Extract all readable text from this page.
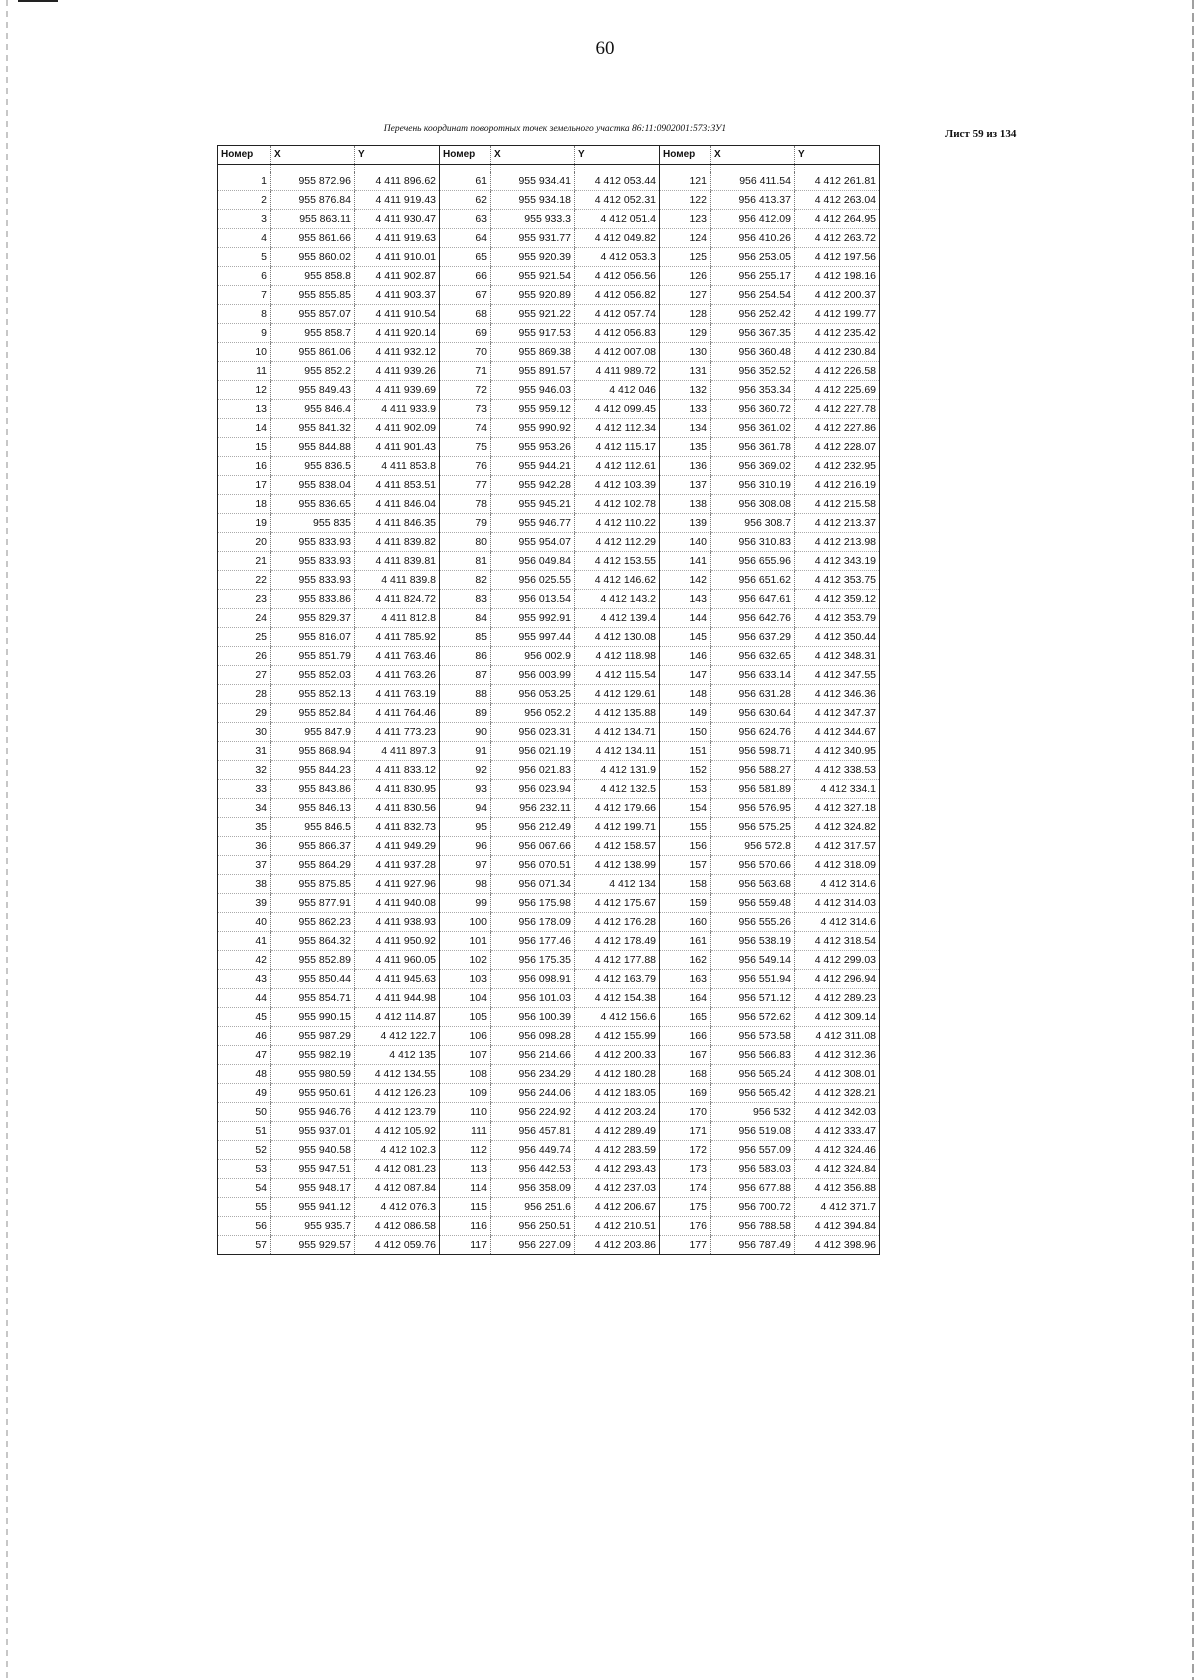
60
Перечень координат поворотных точек земельного участка 86:11:0902001:573:ЗУ1	Лист 59 из 134
Номер	X	Y	Номер	X	Y	Номер	X	Y

1	955 872.96	4 411 896.62	61	955 934.41	4 412 053.44	121	956 411.54	4 412 261.81
2	955 876.84	4 411 919.43	62	955 934.18	4 412 052.31	122	956 413.37	4 412 263.04
3	955 863.11	4 411 930.47	63	955 933.3	4 412 051.4	123	956 412.09	4 412 264.95
4	955 861.66	4 411 919.63	64	955 931.77	4 412 049.82	124	956 410.26	4 412 263.72
5	955 860.02	4 411 910.01	65	955 920.39	4 412 053.3	125	956 253.05	4 412 197.56
6	955 858.8	4 411 902.87	66	955 921.54	4 412 056.56	126	956 255.17	4 412 198.16
7	955 855.85	4 411 903.37	67	955 920.89	4 412 056.82	127	956 254.54	4 412 200.37
8	955 857.07	4 411 910.54	68	955 921.22	4 412 057.74	128	956 252.42	4 412 199.77
9	955 858.7	4 411 920.14	69	955 917.53	4 412 056.83	129	956 367.35	4 412 235.42
10	955 861.06	4 411 932.12	70	955 869.38	4 412 007.08	130	956 360.48	4 412 230.84
11	955 852.2	4 411 939.26	71	955 891.57	4 411 989.72	131	956 352.52	4 412 226.58
12	955 849.43	4 411 939.69	72	955 946.03	4 412 046	132	956 353.34	4 412 225.69
13	955 846.4	4 411 933.9	73	955 959.12	4 412 099.45	133	956 360.72	4 412 227.78
14	955 841.32	4 411 902.09	74	955 990.92	4 412 112.34	134	956 361.02	4 412 227.86
15	955 844.88	4 411 901.43	75	955 953.26	4 412 115.17	135	956 361.78	4 412 228.07
16	955 836.5	4 411 853.8	76	955 944.21	4 412 112.61	136	956 369.02	4 412 232.95
17	955 838.04	4 411 853.51	77	955 942.28	4 412 103.39	137	956 310.19	4 412 216.19
18	955 836.65	4 411 846.04	78	955 945.21	4 412 102.78	138	956 308.08	4 412 215.58
19	955 835	4 411 846.35	79	955 946.77	4 412 110.22	139	956 308.7	4 412 213.37
20	955 833.93	4 411 839.82	80	955 954.07	4 412 112.29	140	956 310.83	4 412 213.98
21	955 833.93	4 411 839.81	81	956 049.84	4 412 153.55	141	956 655.96	4 412 343.19
22	955 833.93	4 411 839.8	82	956 025.55	4 412 146.62	142	956 651.62	4 412 353.75
23	955 833.86	4 411 824.72	83	956 013.54	4 412 143.2	143	956 647.61	4 412 359.12
24	955 829.37	4 411 812.8	84	955 992.91	4 412 139.4	144	956 642.76	4 412 353.79
25	955 816.07	4 411 785.92	85	955 997.44	4 412 130.08	145	956 637.29	4 412 350.44
26	955 851.79	4 411 763.46	86	956 002.9	4 412 118.98	146	956 632.65	4 412 348.31
27	955 852.03	4 411 763.26	87	956 003.99	4 412 115.54	147	956 633.14	4 412 347.55
28	955 852.13	4 411 763.19	88	956 053.25	4 412 129.61	148	956 631.28	4 412 346.36
29	955 852.84	4 411 764.46	89	956 052.2	4 412 135.88	149	956 630.64	4 412 347.37
30	955 847.9	4 411 773.23	90	956 023.31	4 412 134.71	150	956 624.76	4 412 344.67
31	955 868.94	4 411 897.3	91	956 021.19	4 412 134.11	151	956 598.71	4 412 340.95
32	955 844.23	4 411 833.12	92	956 021.83	4 412 131.9	152	956 588.27	4 412 338.53
33	955 843.86	4 411 830.95	93	956 023.94	4 412 132.5	153	956 581.89	4 412 334.1
34	955 846.13	4 411 830.56	94	956 232.11	4 412 179.66	154	956 576.95	4 412 327.18
35	955 846.5	4 411 832.73	95	956 212.49	4 412 199.71	155	956 575.25	4 412 324.82
36	955 866.37	4 411 949.29	96	956 067.66	4 412 158.57	156	956 572.8	4 412 317.57
37	955 864.29	4 411 937.28	97	956 070.51	4 412 138.99	157	956 570.66	4 412 318.09
38	955 875.85	4 411 927.96	98	956 071.34	4 412 134	158	956 563.68	4 412 314.6
39	955 877.91	4 411 940.08	99	956 175.98	4 412 175.67	159	956 559.48	4 412 314.03
40	955 862.23	4 411 938.93	100	956 178.09	4 412 176.28	160	956 555.26	4 412 314.6
41	955 864.32	4 411 950.92	101	956 177.46	4 412 178.49	161	956 538.19	4 412 318.54
42	955 852.89	4 411 960.05	102	956 175.35	4 412 177.88	162	956 549.14	4 412 299.03
43	955 850.44	4 411 945.63	103	956 098.91	4 412 163.79	163	956 551.94	4 412 296.94
44	955 854.71	4 411 944.98	104	956 101.03	4 412 154.38	164	956 571.12	4 412 289.23
45	955 990.15	4 412 114.87	105	956 100.39	4 412 156.6	165	956 572.62	4 412 309.14
46	955 987.29	4 412 122.7	106	956 098.28	4 412 155.99	166	956 573.58	4 412 311.08
47	955 982.19	4 412 135	107	956 214.66	4 412 200.33	167	956 566.83	4 412 312.36
48	955 980.59	4 412 134.55	108	956 234.29	4 412 180.28	168	956 565.24	4 412 308.01
49	955 950.61	4 412 126.23	109	956 244.06	4 412 183.05	169	956 565.42	4 412 328.21
50	955 946.76	4 412 123.79	110	956 224.92	4 412 203.24	170	956 532	4 412 342.03
51	955 937.01	4 412 105.92	111	956 457.81	4 412 289.49	171	956 519.08	4 412 333.47
52	955 940.58	4 412 102.3	112	956 449.74	4 412 283.59	172	956 557.09	4 412 324.46
53	955 947.51	4 412 081.23	113	956 442.53	4 412 293.43	173	956 583.03	4 412 324.84
54	955 948.17	4 412 087.84	114	956 358.09	4 412 237.03	174	956 677.88	4 412 356.88
55	955 941.12	4 412 076.3	115	956 251.6	4 412 206.67	175	956 700.72	4 412 371.7
56	955 935.7	4 412 086.58	116	956 250.51	4 412 210.51	176	956 788.58	4 412 394.84
57	955 929.57	4 412 059.76	117	956 227.09	4 412 203.86	177	956 787.49	4 412 398.96
